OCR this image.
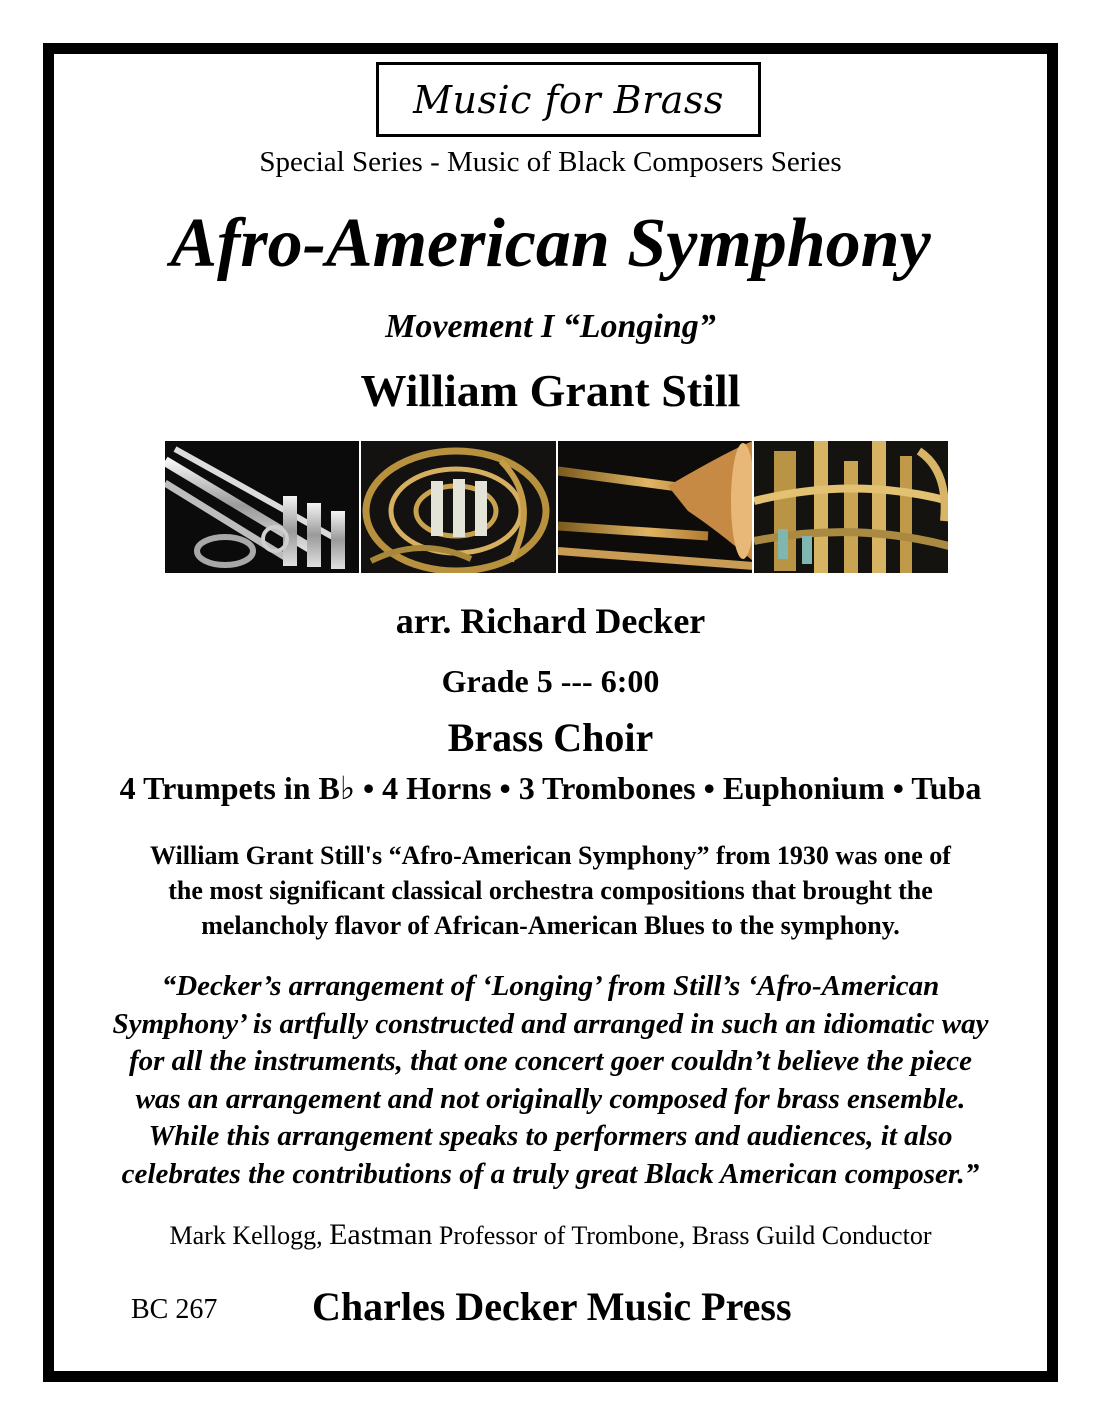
Music for Brass
Special Series - Music of Black Composers Series
Afro-American Symphony
Movement I “Longing”
William Grant Still
arr. Richard Decker
Grade 5 --- 6:00
Brass Choir
4 Trumpets in B♭ • 4 Horns • 3 Trombones • Euphonium • Tuba
William Grant Still's “Afro-American Symphony” from 1930 was one of
the most significant classical orchestra compositions that brought the
melancholy flavor of African-American Blues to the symphony.
“Decker’s arrangement of ‘Longing’ from Still’s ‘Afro-American
Symphony’ is artfully constructed and arranged in such an idiomatic way
for all the instruments, that one concert goer couldn’t believe the piece
was an arrangement and not originally composed for brass ensemble.
While this arrangement speaks to performers and audiences, it also
celebrates the contributions of a truly great Black American composer.”
Mark Kellogg, Eastman Professor of Trombone, Brass Guild Conductor
BC 267 Charles Decker Music Press
